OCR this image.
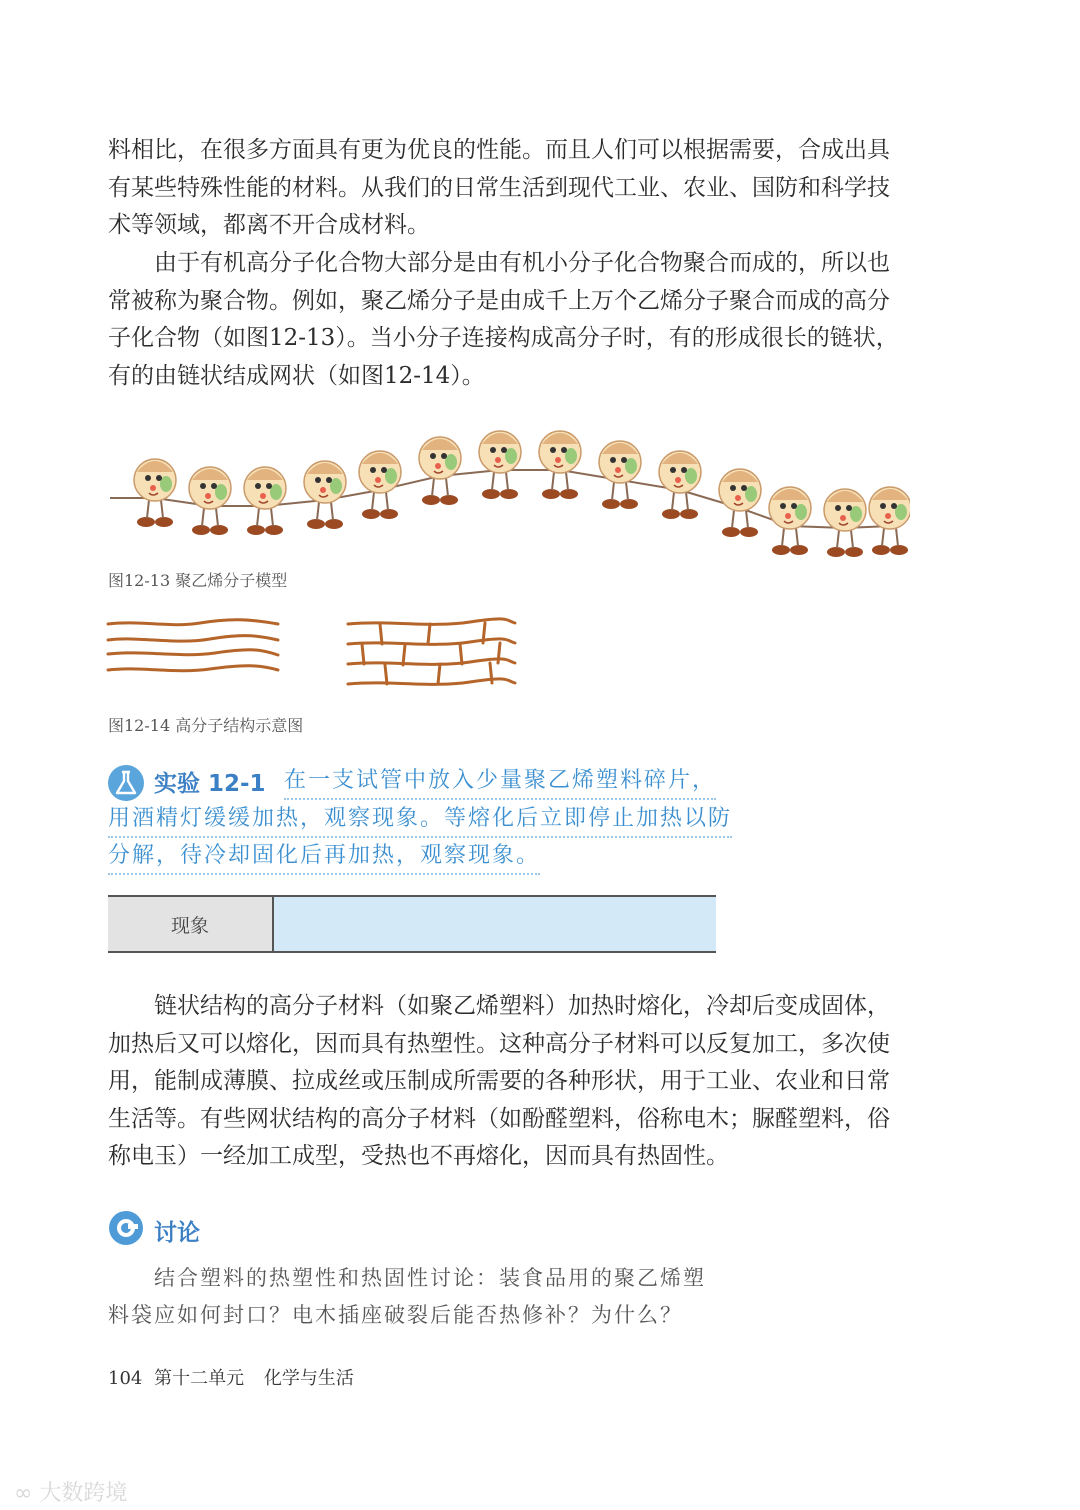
料相比，在很多方面具有更为优良的性能。而且人们可以根据需要，合成出具
有某些特殊性能的材料。从我们的日常生活到现代工业、农业、国防和科学技
术等领域，都离不开合成材料。
　　由于有机高分子化合物大部分是由有机小分子化合物聚合而成的，所以也
常被称为聚合物。例如，聚乙烯分子是由成千上万个乙烯分子聚合而成的高分
子化合物（如图12-13）。当小分子连接构成高分子时，有的形成很长的链状，
有的由链状结成网状（如图12-14）。
图12-13 聚乙烯分子模型
图12-14 高分子结构示意图
实验 12-1 在一支试管中放入少量聚乙烯塑料碎片，
用酒精灯缓缓加热，观察现象。等熔化后立即停止加热以防
分解，待冷却固化后再加热，观察现象。
现象
　　链状结构的高分子材料（如聚乙烯塑料）加热时熔化，冷却后变成固体，
加热后又可以熔化，因而具有热塑性。这种高分子材料可以反复加工，多次使
用，能制成薄膜、拉成丝或压制成所需要的各种形状，用于工业、农业和日常
生活等。有些网状结构的高分子材料（如酚醛塑料，俗称电木；脲醛塑料，俗
称电玉）一经加工成型，受热也不再熔化，因而具有热固性。
讨论
　　结合塑料的热塑性和热固性讨论：装食品用的聚乙烯塑
料袋应如何封口？电木插座破裂后能否热修补？为什么？
104 第十二单元 化学与生活
∞ 大数跨境
